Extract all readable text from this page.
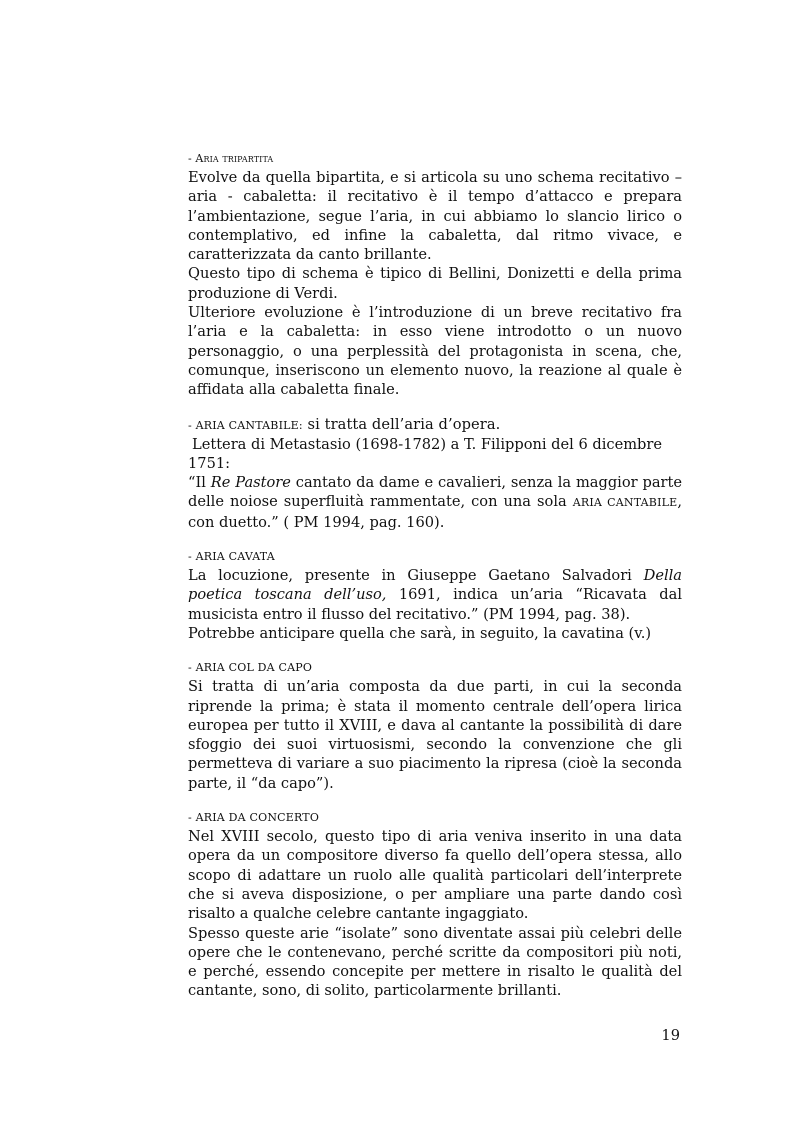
- Aria tripartita

Evolve da quella bipartita, e si articola su uno schema recitativo – aria - cabaletta: il recitativo è il tempo d’attacco e prepara l’ambientazione, segue l’aria, in cui abbiamo lo slancio lirico o contemplativo, ed infine la cabaletta, dal ritmo vivace, e caratterizzata da canto brillante.

Questo tipo di schema è tipico di Bellini, Donizetti e della prima produzione di Verdi.

Ulteriore evoluzione è l’introduzione di un breve recitativo fra l’aria e la cabaletta: in esso viene introdotto o un nuovo personaggio, o una perplessità del protagonista in scena, che, comunque, inseriscono un elemento nuovo, la reazione al quale è affidata alla cabaletta finale.

- ARIA CANTABILE: si tratta dell’aria d’opera.

Lettera di Metastasio (1698-1782) a T. Filipponi del 6 dicembre 1751:

“Il Re Pastore cantato da dame e cavalieri, senza la maggior parte delle noiose superfluità rammentate, con una sola ARIA CANTABILE, con duetto.” ( PM 1994, pag. 160).

- ARIA CAVATA

La locuzione, presente in Giuseppe Gaetano Salvadori Della poetica toscana dell’uso, 1691, indica un’aria “Ricavata dal musicista entro il flusso del recitativo.” (PM 1994, pag. 38).

Potrebbe anticipare quella che sarà, in seguito, la cavatina (v.)

- ARIA COL DA CAPO

Si tratta di un’aria composta da due parti, in cui la seconda riprende la prima; è stata il momento centrale dell’opera lirica europea per tutto il XVIII, e dava al cantante la possibilità di dare sfoggio dei suoi virtuosismi, secondo la convenzione che gli permetteva di variare a suo piacimento la ripresa (cioè la seconda parte, il “da capo”).

- ARIA DA CONCERTO

Nel XVIII secolo, questo tipo di aria veniva inserito in una data opera da un compositore diverso fa quello dell’opera stessa, allo scopo di adattare un ruolo alle qualità particolari dell’interprete che si aveva disposizione, o per ampliare una parte dando così risalto a qualche celebre cantante ingaggiato.

Spesso queste arie “isolate” sono diventate assai più celebri delle opere che le contenevano, perché scritte da compositori più noti, e perché, essendo concepite per mettere in risalto le qualità del cantante, sono, di solito, particolarmente brillanti.

19
